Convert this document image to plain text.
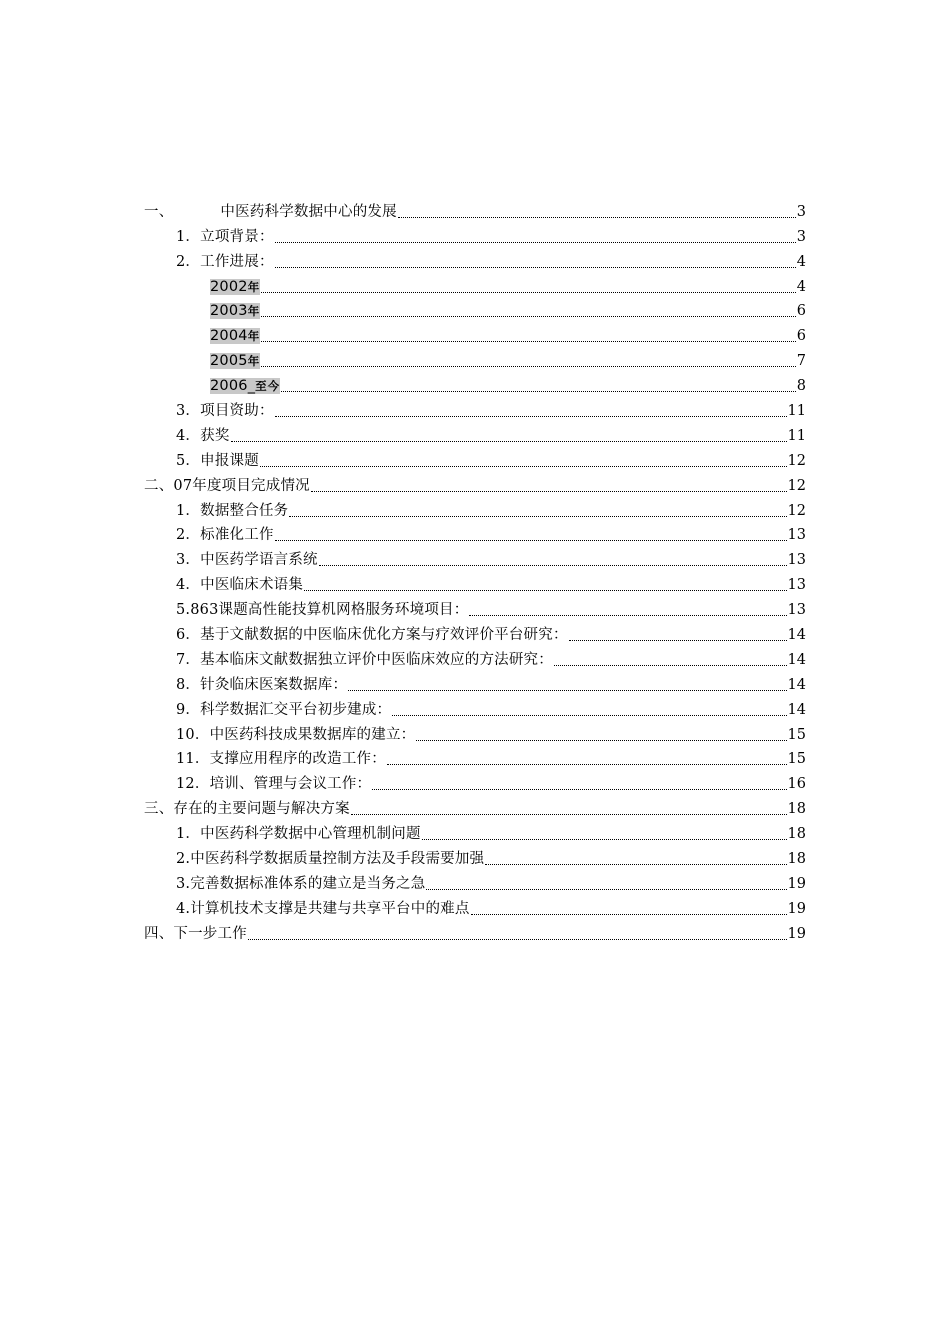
一、	中医药科学数据中心的发展	3
1．立项背景：	3
2．工作进展：	4
2002年	4
2003年	6
2004年	6
2005年	7
2006_至今	8
3．项目资助：	11
4．获奖	11
5．申报课题	12
二、07年度项目完成情况	12
1．数据整合任务	12
2．标准化工作	13
3．中医药学语言系统	13
4．中医临床术语集	13
5.863课题高性能技算机网格服务环境项目：	13
6．基于文献数据的中医临床优化方案与疗效评价平台研究：	14
7．基本临床文献数据独立评价中医临床效应的方法研究：	14
8．针灸临床医案数据库：	14
9．科学数据汇交平台初步建成：	14
10．中医药科技成果数据库的建立：	15
11．支撑应用程序的改造工作：	15
12．培训、管理与会议工作：	16
三、存在的主要问题与解决方案	18
1．中医药科学数据中心管理机制问题	18
2.中医药科学数据质量控制方法及手段需要加强	18
3.完善数据标准体系的建立是当务之急	19
4.计算机技术支撑是共建与共享平台中的难点	19
四、下一步工作	19
